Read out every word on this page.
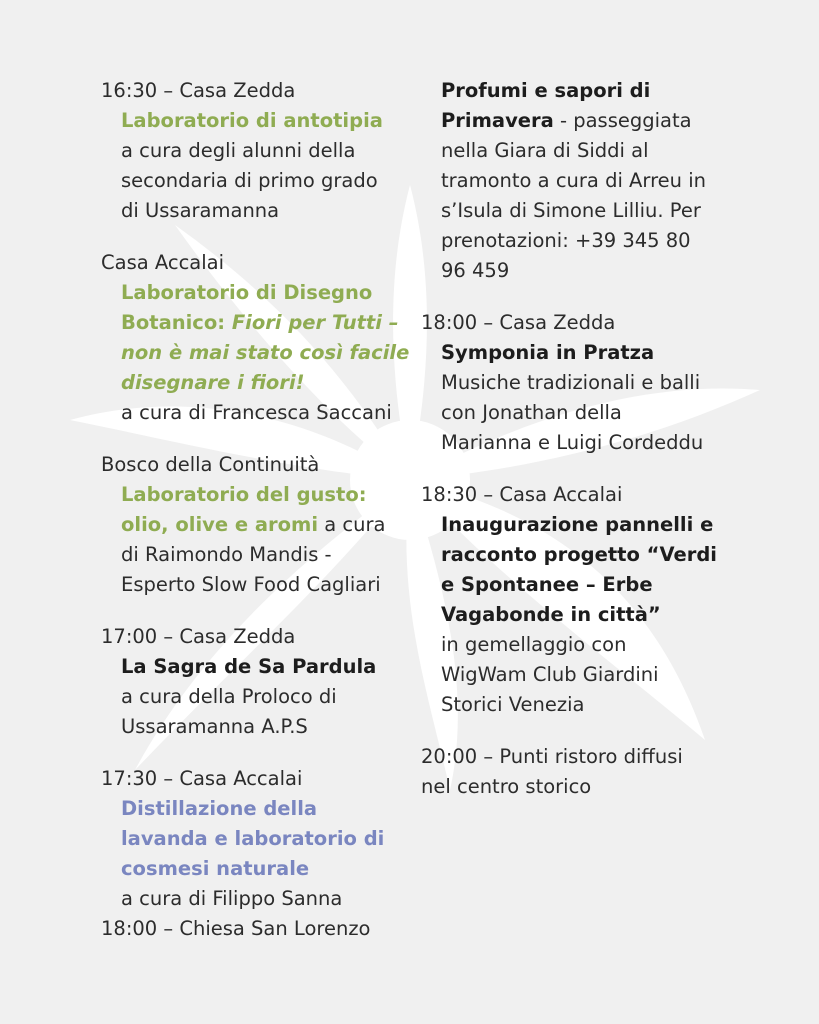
16:30 – Casa Zedda
Laboratorio di antotipia
a cura degli alunni della
secondaria di primo grado
di Ussaramanna
Casa Accalai
Laboratorio di Disegno
Botanico: Fiori per Tutti –
non è mai stato così facile
disegnare i fiori!
a cura di Francesca Saccani
Bosco della Continuità
Laboratorio del gusto:
olio, olive e aromi a cura
di Raimondo Mandis -
Esperto Slow Food Cagliari
17:00 – Casa Zedda
La Sagra de Sa Pardula
a cura della Proloco di
Ussaramanna A.P.S
17:30 – Casa Accalai
Distillazione della
lavanda e laboratorio di
cosmesi naturale
a cura di Filippo Sanna
18:00 – Chiesa San Lorenzo
Profumi e sapori di
Primavera - passeggiata
nella Giara di Siddi al
tramonto a cura di Arreu in
s’Isula di Simone Lilliu. Per
prenotazioni: +39 345 80
96 459
18:00 – Casa Zedda
Symponia in Pratza
Musiche tradizionali e balli
con Jonathan della
Marianna e Luigi Cordeddu
18:30 – Casa Accalai
Inaugurazione pannelli e
racconto progetto “Verdi
e Spontanee – Erbe
Vagabonde in città”
in gemellaggio con
WigWam Club Giardini
Storici Venezia
20:00 – Punti ristoro diffusi
nel centro storico
